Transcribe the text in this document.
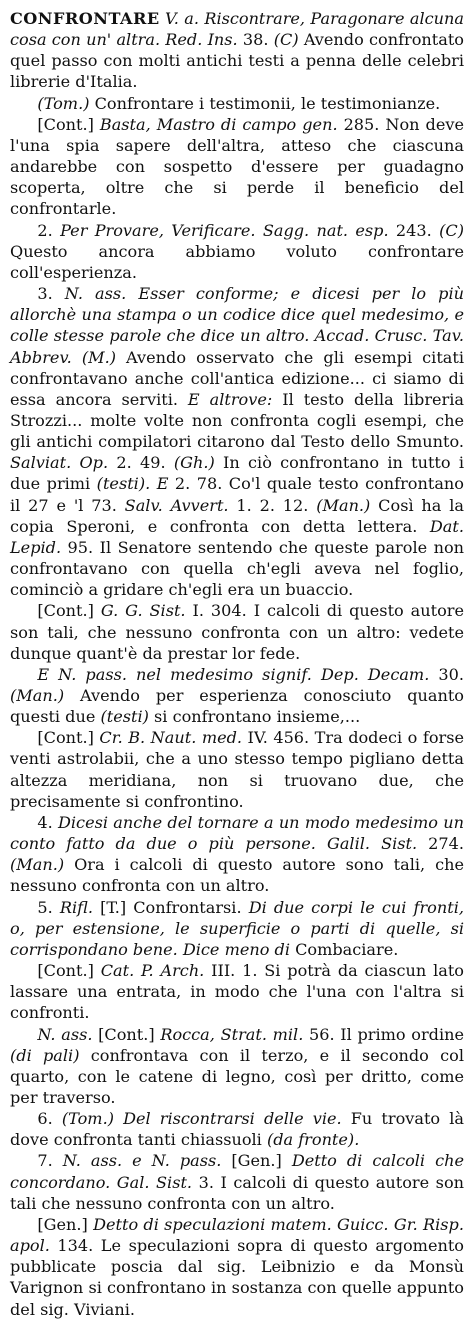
CONFRONTARE V. a. Riscontrare, Paragonare alcuna cosa con un' altra. Red. Ins. 38. (C) Avendo confrontato quel passo con molti antichi testi a penna delle celebri librerie d'Italia.

(Tom.) Confrontare i testimonii, le testimonianze.

[Cont.] Basta, Mastro di campo gen. 285. Non deve l'una spia sapere dell'altra, atteso che ciascuna andarebbe con sospetto d'essere per guadagno scoperta, oltre che si perde il beneficio del confrontarle.

2. Per Provare, Verificare. Sagg. nat. esp. 243. (C) Questo ancora abbiamo voluto confrontare coll'esperienza.

3. N. ass. Esser conforme; e dicesi per lo più allorchè una stampa o un codice dice quel medesimo, e colle stesse parole che dice un altro. Accad. Crusc. Tav. Abbrev. (M.) Avendo osservato che gli esempi citati confrontavano anche coll'antica edizione... ci siamo di essa ancora serviti. E altrove: Il testo della libreria Strozzi... molte volte non confronta cogli esempi, che gli antichi compilatori citarono dal Testo dello Smunto. Salviat. Op. 2. 49. (Gh.) In ciò confrontano in tutto i due primi (testi). E 2. 78. Co'l quale testo confrontano il 27 e 'l 73. Salv. Avvert. 1. 2. 12. (Man.) Così ha la copia Speroni, e confronta con detta lettera. Dat. Lepid. 95. Il Senatore sentendo che queste parole non confrontavano con quella ch'egli aveva nel foglio, cominciò a gridare ch'egli era un buaccio.

[Cont.] G. G. Sist. I. 304. I calcoli di questo autore son tali, che nessuno confronta con un altro: vedete dunque quant'è da prestar lor fede.

E N. pass. nel medesimo signif. Dep. Decam. 30. (Man.) Avendo per esperienza conosciuto quanto questi due (testi) si confrontano insieme,...

[Cont.] Cr. B. Naut. med. IV. 456. Tra dodeci o forse venti astrolabii, che a uno stesso tempo pigliano detta altezza meridiana, non si truovano due, che precisamente si confrontino.

4. Dicesi anche del tornare a un modo medesimo un conto fatto da due o più persone. Galil. Sist. 274. (Man.) Ora i calcoli di questo autore sono tali, che nessuno confronta con un altro.

5. Rifl. [T.] Confrontarsi. Di due corpi le cui fronti, o, per estensione, le superficie o parti di quelle, si corrispondano bene. Dice meno di Combaciare.

[Cont.] Cat. P. Arch. III. 1. Si potrà da ciascun lato lassare una entrata, in modo che l'una con l'altra si confronti.

N. ass. [Cont.] Rocca, Strat. mil. 56. Il primo ordine (di pali) confrontava con il terzo, e il secondo col quarto, con le catene di legno, così per dritto, come per traverso.

6. (Tom.) Del riscontrarsi delle vie. Fu trovato là dove confronta tanti chiassuoli (da fronte).

7. N. ass. e N. pass. [Gen.] Detto di calcoli che concordano. Gal. Sist. 3. I calcoli di questo autore son tali che nessuno confronta con un altro.

[Gen.] Detto di speculazioni matem. Guicc. Gr. Risp. apol. 134. Le speculazioni sopra di questo argomento pubblicate poscia dal sig. Leibnizio e da Monsù Varignon si confrontano in sostanza con quelle appunto del sig. Viviani.
